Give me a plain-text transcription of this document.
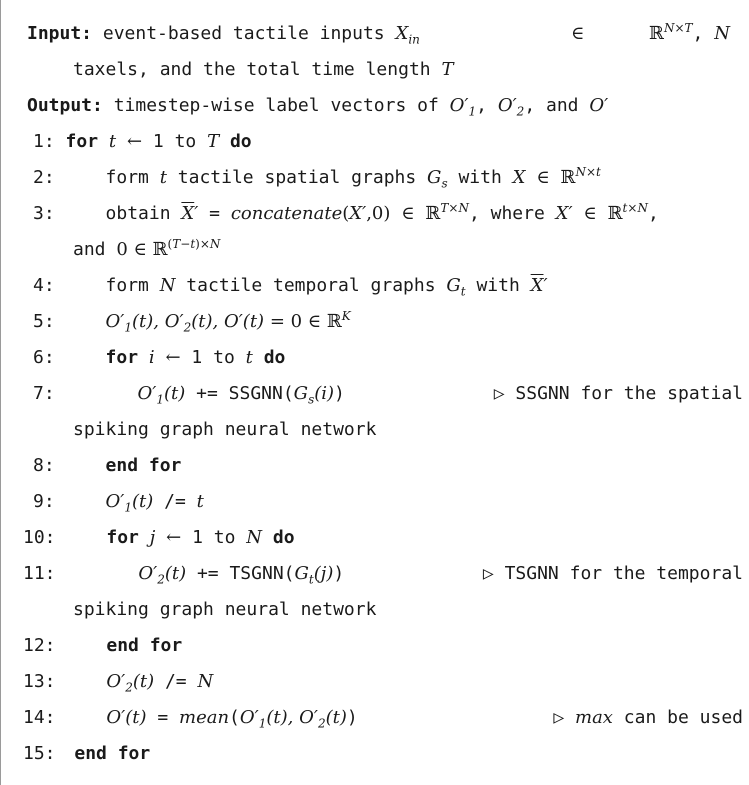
Input: event-based tactile inputs $X_{in}$	∈	ℝ$^{N\times T}$, N
taxels, and the total time length T
Output: timestep-wise label vectors of $O'_1$, $O'_2$, and O′
1: for t ← 1 to T do
2:	form t tactile spatial graphs $G_s$ with X ∈ ℝ$^{N\times t}$
3:	obtain $\overline{X}'$ = concatenate(X′,0) ∈ ℝ$^{T\times N}$, where X′ ∈ ℝ$^{t\times N}$,
and 0 ∈ ℝ$^{(T-t)\times N}$
4:	form N tactile temporal graphs $G_t$ with $\overline{X}'$
5:	$O'_1(t)$, $O'_2(t)$, O′(t) = 0 ∈ ℝ$^K$
6:	for i ← 1 to t do
7:	$O'_1(t)$ += $SSGNN(G_s(i))$	▷ SSGNN for the spatial
spiking graph neural network
8:	end for
9:	$O'_1(t) /= t$
10:	for j ← 1 to N do
11:	$O'_2(t)$ += $TSGNN(G_t(j))$	▷ TSGNN for the temporal
spiking graph neural network
12:	end for
13:	$O'_2(t) /= N$
14:	$O'(t) = mean(O'_1(t)$, $O'_2(t)$)	▷ max can be used
15: end for
